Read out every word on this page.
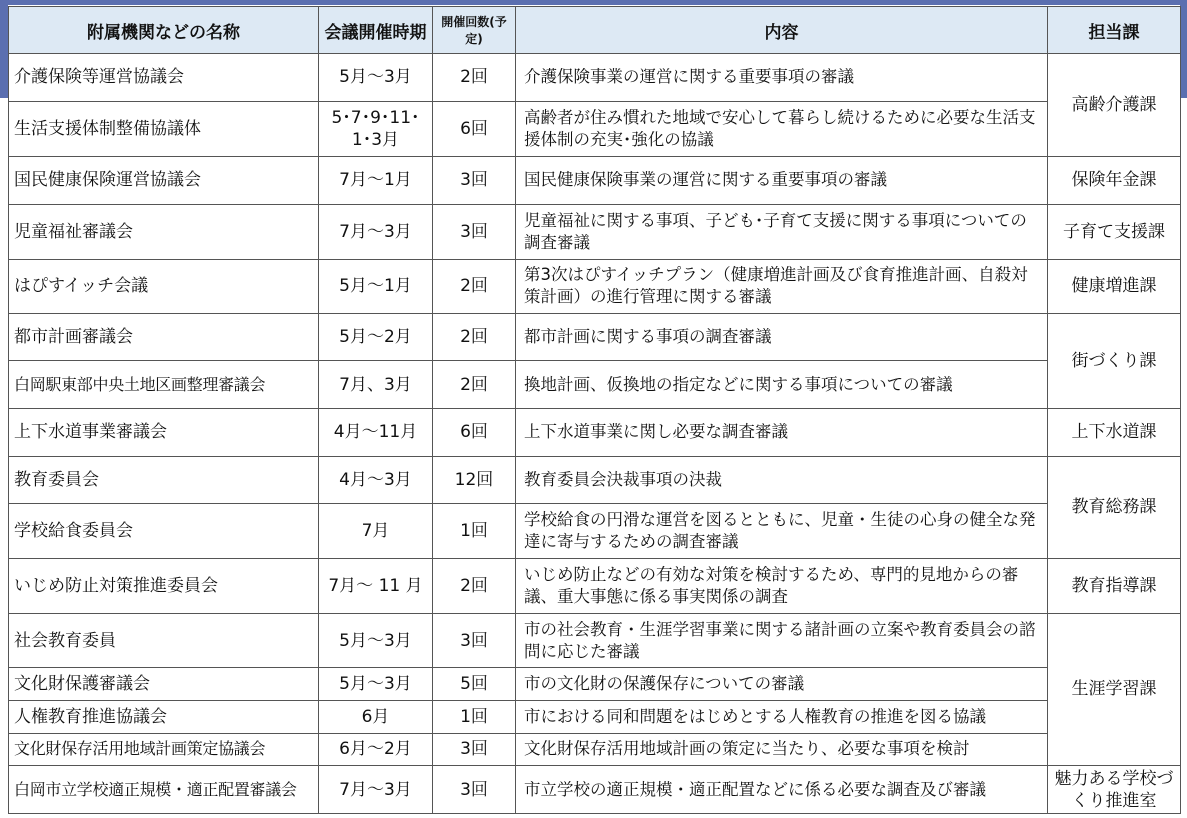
附属機関などの名称	会議開催時期	開催回数(予定)	内容	担当課
介護保険等運営協議会	5月～3月	2回	介護保険事業の運営に関する重要事項の審議	高齢介護課
生活支援体制整備協議体	5･7･9･11･1･3月	6回	高齢者が住み慣れた地域で安心して暮らし続けるために必要な生活支援体制の充実･強化の協議	
国民健康保険運営協議会	7月～1月	3回	国民健康保険事業の運営に関する重要事項の審議	保険年金課
児童福祉審議会	7月～3月	3回	児童福祉に関する事項、子ども･子育て支援に関する事項についての調査審議	子育て支援課
はぴすイッチ会議	5月～1月	2回	第3次はぴすイッチプラン（健康増進計画及び食育推進計画、自殺対策計画）の進行管理に関する審議	健康増進課
都市計画審議会	5月～2月	2回	都市計画に関する事項の調査審議	街づくり課
白岡駅東部中央土地区画整理審議会	7月、3月	2回	換地計画、仮換地の指定などに関する事項についての審議	
上下水道事業審議会	4月～11月	6回	上下水道事業に関し必要な調査審議	上下水道課
教育委員会	4月～3月	12回	教育委員会決裁事項の決裁	教育総務課
学校給食委員会	7月	1回	学校給食の円滑な運営を図るとともに、児童・生徒の心身の健全な発達に寄与するための調査審議	
いじめ防止対策推進委員会	7月～ 11 月	2回	いじめ防止などの有効な対策を検討するため、専門的見地からの審議、重大事態に係る事実関係の調査	教育指導課
社会教育委員	5月～3月	3回	市の社会教育・生涯学習事業に関する諸計画の立案や教育委員会の諮問に応じた審議	生涯学習課
文化財保護審議会	5月～3月	5回	市の文化財の保護保存についての審議	
人権教育推進協議会	6月	1回	市における同和問題をはじめとする人権教育の推進を図る協議	
文化財保存活用地域計画策定協議会	6月～2月	3回	文化財保存活用地域計画の策定に当たり、必要な事項を検討	
白岡市立学校適正規模・適正配置審議会	7月～3月	3回	市立学校の適正規模・適正配置などに係る必要な調査及び審議	魅力ある学校づくり推進室
